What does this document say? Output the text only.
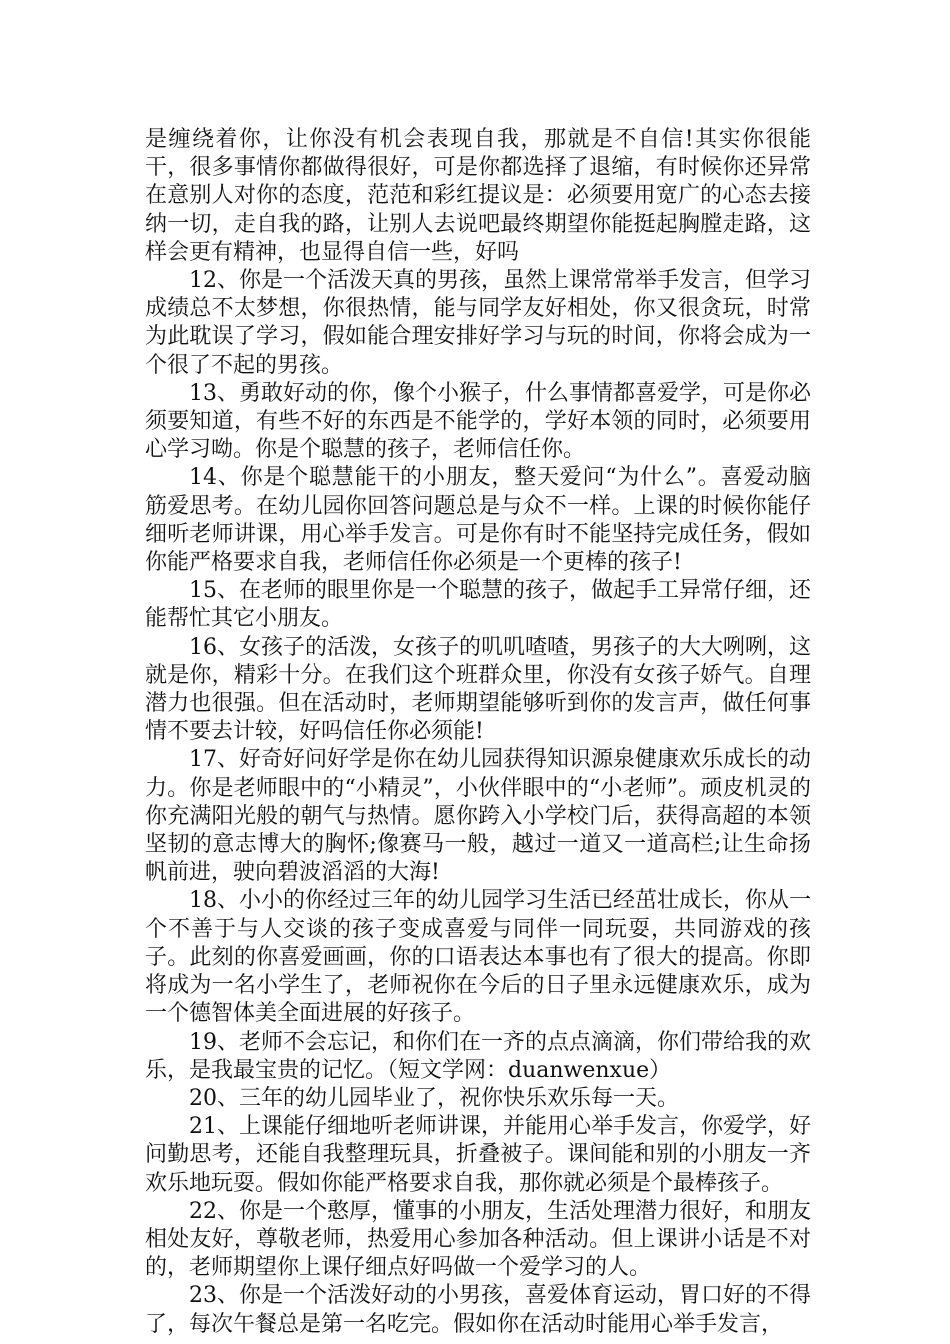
是缠绕着你，让你没有机会表现自我，那就是不自信!其实你很能干，很多事情你都做得很好，可是你都选择了退缩，有时候你还异常在意别人对你的态度，范范和彩红提议是：必须要用宽广的心态去接纳一切，走自我的路，让别人去说吧最终期望你能挺起胸膛走路，这样会更有精神，也显得自信一些，好吗

12、你是一个活泼天真的男孩，虽然上课常常举手发言，但学习成绩总不太梦想，你很热情，能与同学友好相处，你又很贪玩，时常为此耽误了学习，假如能合理安排好学习与玩的时间，你将会成为一个很了不起的男孩。

13、勇敢好动的你，像个小猴子，什么事情都喜爱学，可是你必须要知道，有些不好的东西是不能学的，学好本领的同时，必须要用心学习呦。你是个聪慧的孩子，老师信任你。

14、你是个聪慧能干的小朋友，整天爱问“为什么”。喜爱动脑筋爱思考。在幼儿园你回答问题总是与众不一样。上课的时候你能仔细听老师讲课，用心举手发言。可是你有时不能坚持完成任务，假如你能严格要求自我，老师信任你必须是一个更棒的孩子!

15、在老师的眼里你是一个聪慧的孩子，做起手工异常仔细，还能帮忙其它小朋友。

16、女孩子的活泼，女孩子的叽叽喳喳，男孩子的大大咧咧，这就是你，精彩十分。在我们这个班群众里，你没有女孩子娇气。自理潜力也很强。但在活动时，老师期望能够听到你的发言声，做任何事情不要去计较，好吗信任你必须能!

17、好奇好问好学是你在幼儿园获得知识源泉健康欢乐成长的动力。你是老师眼中的“小精灵”，小伙伴眼中的“小老师”。顽皮机灵的你充满阳光般的朝气与热情。愿你跨入小学校门后，获得高超的本领坚韧的意志博大的胸怀;像赛马一般，越过一道又一道高栏;让生命扬帆前进，驶向碧波滔滔的大海!

18、小小的你经过三年的幼儿园学习生活已经茁壮成长，你从一个不善于与人交谈的孩子变成喜爱与同伴一同玩耍，共同游戏的孩子。此刻的你喜爱画画，你的口语表达本事也有了很大的提高。你即将成为一名小学生了，老师祝你在今后的日子里永远健康欢乐，成为一个德智体美全面进展的好孩子。

19、老师不会忘记，和你们在一齐的点点滴滴，你们带给我的欢乐，是我最宝贵的记忆。（短文学网：duanwenxue）

20、三年的幼儿园毕业了，祝你快乐欢乐每一天。

21、上课能仔细地听老师讲课，并能用心举手发言，你爱学，好问勤思考，还能自我整理玩具，折叠被子。课间能和别的小朋友一齐欢乐地玩耍。假如你能严格要求自我，那你就必须是个最棒孩子。

22、你是一个憨厚，懂事的小朋友，生活处理潜力很好，和朋友相处友好，尊敬老师，热爱用心参加各种活动。但上课讲小话是不对的，老师期望你上课仔细点好吗做一个爱学习的人。

23、你是一个活泼好动的小男孩，喜爱体育运动，胃口好的不得了，每次午餐总是第一名吃完。假如你在活动时能用心举手发言，
